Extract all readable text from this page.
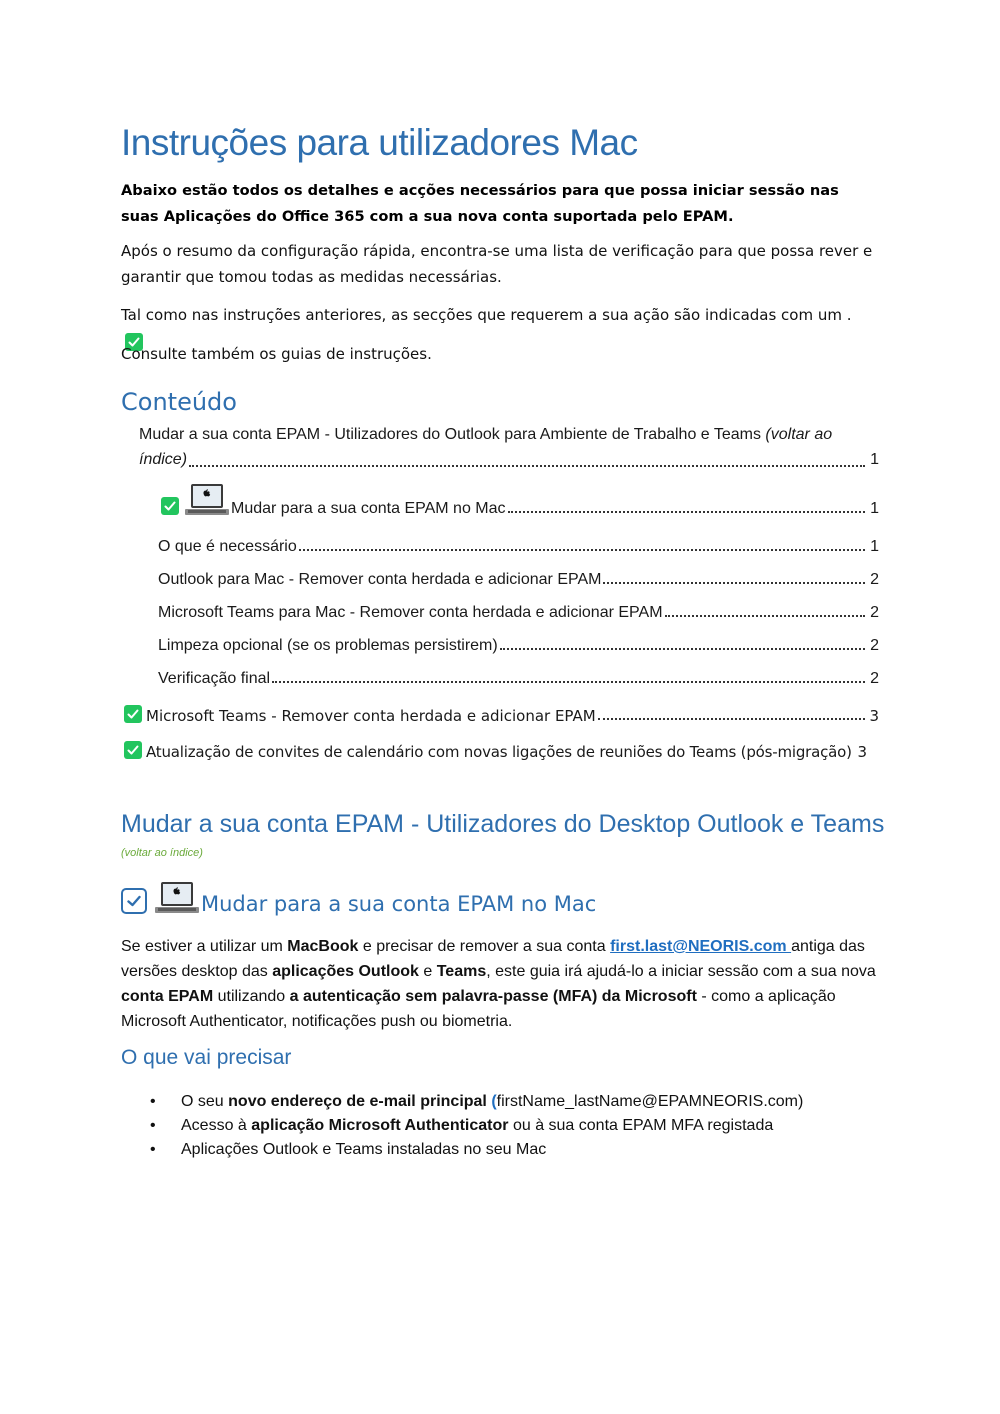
Instruções para utilizadores Mac
Abaixo estão todos os detalhes e acções necessários para que possa iniciar sessão nas suas Aplicações do Office 365 com a sua nova conta suportada pelo EPAM.
Após o resumo da configuração rápida, encontra-se uma lista de verificação para que possa rever e garantir que tomou todas as medidas necessárias.
Tal como nas instruções anteriores, as secções que requerem a sua ação são indicadas com um .
Consulte também os guias de instruções.
Conteúdo
Mudar a sua conta EPAM - Utilizadores do Outlook para Ambiente de Trabalho e Teams (voltar ao
índice)	1
Mudar para a sua conta EPAM no Mac	1
O que é necessário	1
Outlook para Mac - Remover conta herdada e adicionar EPAM	2
Microsoft Teams para Mac - Remover conta herdada e adicionar EPAM	2
Limpeza opcional (se os problemas persistirem)	2
Verificação final	2
Microsoft Teams - Remover conta herdada e adicionar EPAM	3
Atualização de convites de calendário com novas ligações de reuniões do Teams (pós-migração) 3
Mudar a sua conta EPAM - Utilizadores do Desktop Outlook e Teams
(voltar ao índice)
Mudar para a sua conta EPAM no Mac
Se estiver a utilizar um MacBook e precisar de remover a sua conta first.last@NEORIS.com antiga das versões desktop das aplicações Outlook e Teams, este guia irá ajudá-lo a iniciar sessão com a sua nova conta EPAM utilizando a autenticação sem palavra-passe (MFA) da Microsoft - como a aplicação Microsoft Authenticator, notificações push ou biometria.
O que vai precisar
•	O seu novo endereço de e-mail principal (firstName_lastName@EPAMNEORIS.com)
•	Acesso à aplicação Microsoft Authenticator ou à sua conta EPAM MFA registada
•	Aplicações Outlook e Teams instaladas no seu Mac
